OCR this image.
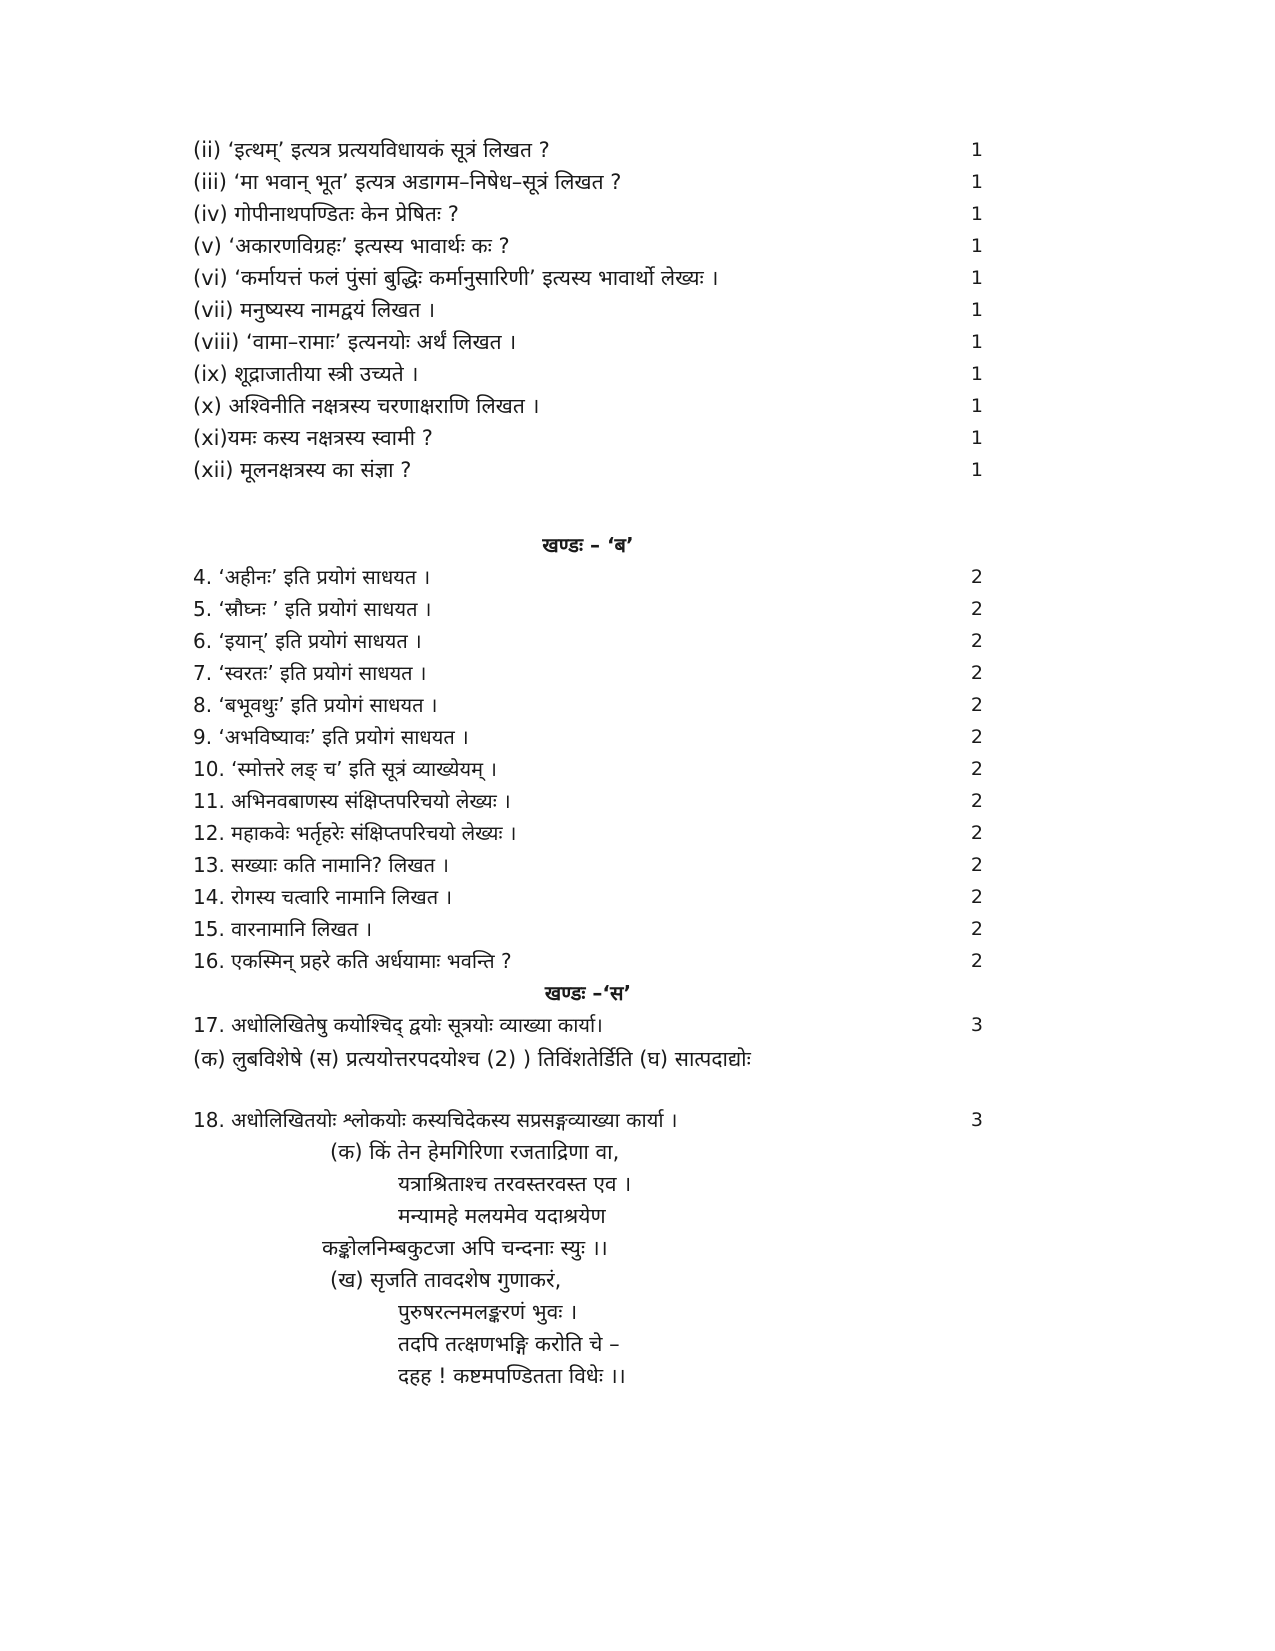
(ii) ‘इत्थम्’ इत्यत्र प्रत्ययविधायकं सूत्रं लिखत ?	1
(iii) ‘मा भवान् भूत’ इत्यत्र अडागम–निषेध–सूत्रं लिखत ?	1
(iv) गोपीनाथपण्डितः केन प्रेषितः ?	1
(v) ‘अकारणविग्रहः’ इत्यस्य भावार्थः कः ?	1
(vi) ‘कर्मायत्तं फलं पुंसां बुद्धिः कर्मानुसारिणी’ इत्यस्य भावार्थो लेख्यः ।	1
(vii) मनुष्यस्य नामद्वयं लिखत ।	1
(viii) ‘वामा–रामाः’ इत्यनयोः अर्थं लिखत ।	1
(ix) शूद्राजातीया स्त्री उच्यते ।	1
(x) अश्विनीति नक्षत्रस्य चरणाक्षराणि लिखत ।	1
(xi)यमः कस्य नक्षत्रस्य स्वामी ?	1
(xii) मूलनक्षत्रस्य का संज्ञा ?	1
खण्डः – ‘ब’
4. ‘अहीनः’ इति प्रयोगं साधयत ।	2
5. ‘स्रौघ्नः ’ इति प्रयोगं साधयत ।	2
6. ‘इयान्’ इति प्रयोगं साधयत ।	2
7. ‘स्वरतः’ इति प्रयोगं साधयत ।	2
8. ‘बभूवथुः’ इति प्रयोगं साधयत ।	2
9. ‘अभविष्यावः’ इति प्रयोगं साधयत ।	2
10. ‘स्मोत्तरे लङ् च’ इति सूत्रं व्याख्येयम् ।	2
11. अभिनवबाणस्य संक्षिप्तपरिचयो लेख्यः ।	2
12. महाकवेः भर्तृहरेः संक्षिप्तपरिचयो लेख्यः ।	2
13. सख्याः कति नामानि? लिखत ।	2
14. रोगस्य चत्वारि नामानि लिखत ।	2
15. वारनामानि लिखत ।	2
16. एकस्मिन् प्रहरे कति अर्धयामाः भवन्ति ?	2
खण्डः –‘स’
17. अधोलिखितेषु कयोश्चिद् द्वयोः सूत्रयोः व्याख्या कार्या।	3
(क) लुबविशेषे (स) प्रत्ययोत्तरपदयोश्च (2) ) तिविंशतेर्डिति (घ) सात्पदाद्योः
18. अधोलिखितयोः श्लोकयोः कस्यचिदेकस्य सप्रसङ्गव्याख्या कार्या ।	3
(क) किं तेन हेमगिरिणा रजताद्रिणा वा,
यत्राश्रिताश्च तरवस्तरवस्त एव ।
मन्यामहे मलयमेव यदाश्रयेण
कङ्कोलनिम्बकुटजा अपि चन्दनाः स्युः ।।
(ख) सृजति तावदशेष गुणाकरं,
पुरुषरत्नमलङ्करणं भुवः ।
तदपि तत्क्षणभङ्गि करोति चे –
दहह ! कष्टमपण्डितता विधेः ।।
